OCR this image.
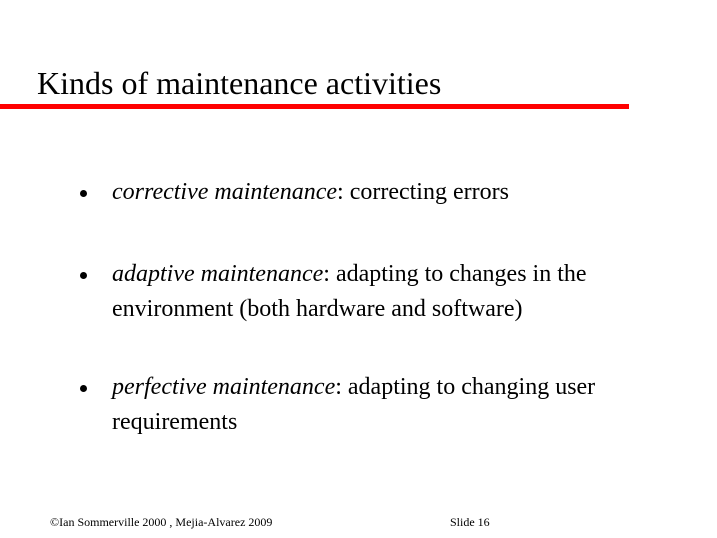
Kinds of maintenance activities
corrective maintenance: correcting errors
adaptive maintenance: adapting to changes in the environment (both hardware and software)
perfective maintenance: adapting to changing user requirements
©Ian Sommerville 2000 , Mejia-Alvarez 2009	Slide 16
